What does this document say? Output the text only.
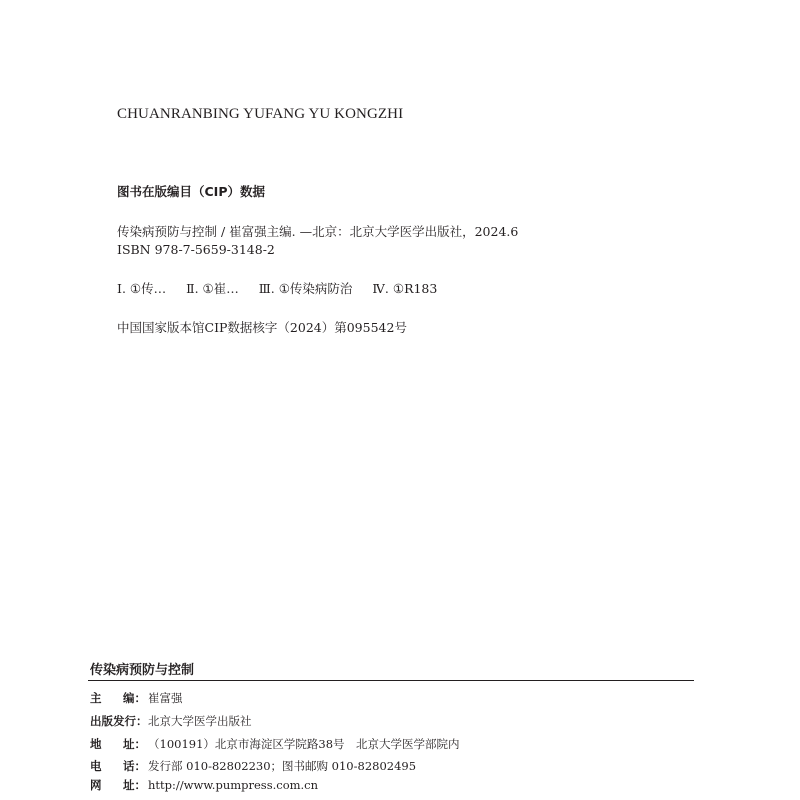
CHUANRANBING YUFANG YU KONGZHI
图书在版编目（CIP）数据
传染病预防与控制 / 崔富强主编. —北京：北京大学医学出版社，2024.6
ISBN 978-7-5659-3148-2
Ⅰ. ①传… Ⅱ. ①崔… Ⅲ. ①传染病防治 Ⅳ. ①R183
中国国家版本馆CIP数据核字（2024）第095542号
传染病预防与控制
主 编： 崔富强
出版发行 ： 北京大学医学出版社
地 址： （100191）北京市海淀区学院路38号　北京大学医学部院内
电 话： 发行部 010-82802230；图书邮购 010-82802495
网 址： http://www.pumpress.com.cn
